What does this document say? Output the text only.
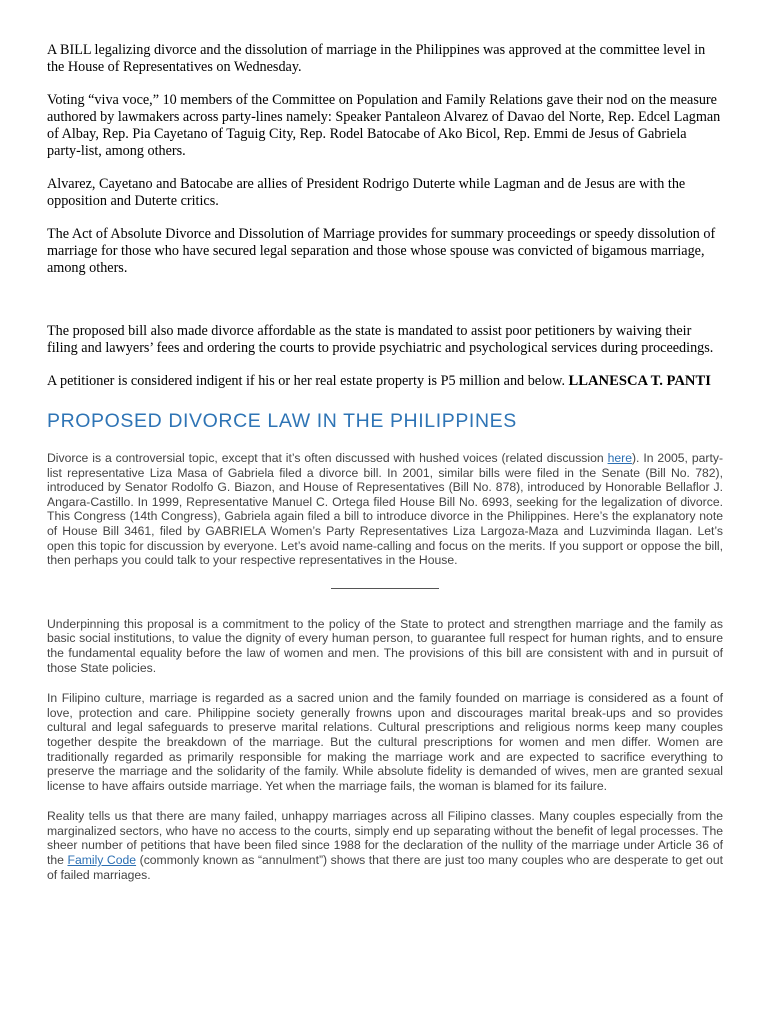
A BILL legalizing divorce and the dissolution of marriage in the Philippines was approved at the committee level in the House of Representatives on Wednesday.

Voting “viva voce,” 10 members of the Committee on Population and Family Relations gave their nod on the measure authored by lawmakers across party-lines namely: Speaker Pantaleon Alvarez of Davao del Norte, Rep. Edcel Lagman of Albay, Rep. Pia Cayetano of Taguig City, Rep. Rodel Batocabe of Ako Bicol, Rep. Emmi de Jesus of Gabriela party-list, among others.

Alvarez, Cayetano and Batocabe are allies of President Rodrigo Duterte while Lagman and de Jesus are with the opposition and Duterte critics.

The Act of Absolute Divorce and Dissolution of Marriage provides for summary proceedings or speedy dissolution of marriage for those who have secured legal separation and those whose spouse was convicted of bigamous marriage, among others.

The proposed bill also made divorce affordable as the state is mandated to assist poor petitioners by waiving their filing and lawyers’ fees and ordering the courts to provide psychiatric and psychological services during proceedings.

A petitioner is considered indigent if his or her real estate property is P5 million and below. LLANESCA T. PANTI

PROPOSED DIVORCE LAW IN THE PHILIPPINES

Divorce is a controversial topic, except that it’s often discussed with hushed voices (related discussion here). In 2005, party-list representative Liza Masa of Gabriela filed a divorce bill. In 2001, similar bills were filed in the Senate (Bill No. 782), introduced by Senator Rodolfo G. Biazon, and House of Representatives (Bill No. 878), introduced by Honorable Bellaflor J. Angara-Castillo. In 1999, Representative Manuel C. Ortega filed House Bill No. 6993, seeking for the legalization of divorce. This Congress (14th Congress), Gabriela again filed a bill to introduce divorce in the Philippines. Here’s the explanatory note of House Bill 3461, filed by GABRIELA Women’s Party Representatives Liza Largoza-Maza and Luzviminda Ilagan. Let’s open this topic for discussion by everyone. Let’s avoid name-calling and focus on the merits. If you support or oppose the bill, then perhaps you could talk to your respective representatives in the House.

Underpinning this proposal is a commitment to the policy of the State to protect and strengthen marriage and the family as basic social institutions, to value the dignity of every human person, to guarantee full respect for human rights, and to ensure the fundamental equality before the law of women and men. The provisions of this bill are consistent with and in pursuit of those State policies.

In Filipino culture, marriage is regarded as a sacred union and the family founded on marriage is considered as a fount of love, protection and care. Philippine society generally frowns upon and discourages marital break-ups and so provides cultural and legal safeguards to preserve marital relations. Cultural prescriptions and religious norms keep many couples together despite the breakdown of the marriage. But the cultural prescriptions for women and men differ. Women are traditionally regarded as primarily responsible for making the marriage work and are expected to sacrifice everything to preserve the marriage and the solidarity of the family. While absolute fidelity is demanded of wives, men are granted sexual license to have affairs outside marriage. Yet when the marriage fails, the woman is blamed for its failure.

Reality tells us that there are many failed, unhappy marriages across all Filipino classes. Many couples especially from the marginalized sectors, who have no access to the courts, simply end up separating without the benefit of legal processes. The sheer number of petitions that have been filed since 1988 for the declaration of the nullity of the marriage under Article 36 of the Family Code (commonly known as “annulment”) shows that there are just too many couples who are desperate to get out of failed marriages.
